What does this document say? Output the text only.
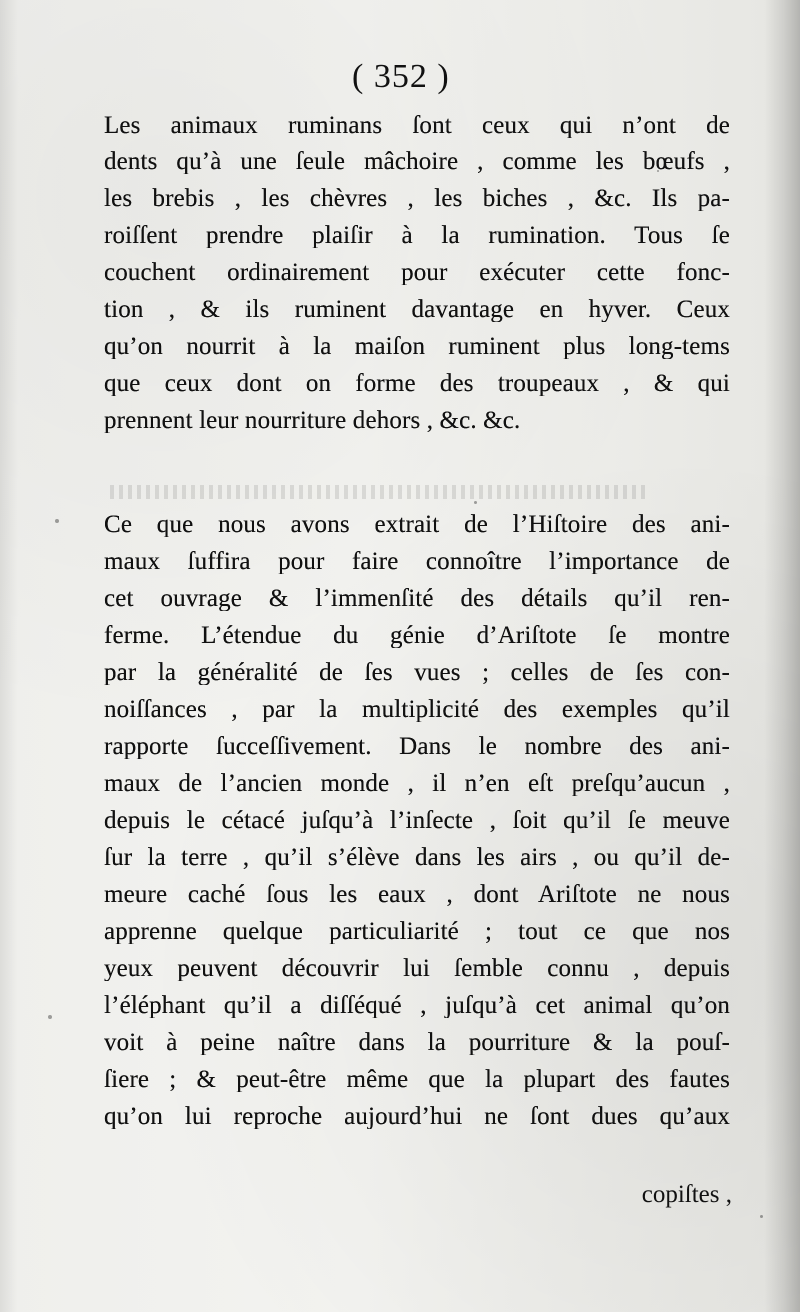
( 352 )
Les animaux ruminans ſont ceux qui n’ont de
dents qu’à une ſeule mâchoire , comme les bœufs ,
les brebis , les chèvres , les biches , &c. Ils pa-
roiſſent prendre plaiſir à la rumination. Tous ſe
couchent ordinairement pour exécuter cette fonc-
tion , & ils ruminent davantage en hyver. Ceux
qu’on nourrit à la maiſon ruminent plus long-tems
que ceux dont on forme des troupeaux , & qui
prennent leur nourriture dehors , &c. &c.
Ce que nous avons extrait de l’Hiſtoire des ani-
maux ſuffira pour faire connoître l’importance de
cet ouvrage & l’immenſité des détails qu’il ren-
ferme. L’étendue du génie d’Ariſtote ſe montre
par la généralité de ſes vues ; celles de ſes con-
noiſſances , par la multiplicité des exemples qu’il
rapporte ſucceſſivement. Dans le nombre des ani-
maux de l’ancien monde , il n’en eſt preſqu’aucun ,
depuis le cétacé juſqu’à l’inſecte , ſoit qu’il ſe meuve
ſur la terre , qu’il s’élève dans les airs , ou qu’il de-
meure caché ſous les eaux , dont Ariſtote ne nous
apprenne quelque particuliarité ; tout ce que nos
yeux peuvent découvrir lui ſemble connu , depuis
l’éléphant qu’il a diſſéqué , juſqu’à cet animal qu’on
voit à peine naître dans la pourriture & la pouſ-
ſiere ; & peut-être même que la plupart des fautes
qu’on lui reproche aujourd’hui ne ſont dues qu’aux
copiſtes ,
